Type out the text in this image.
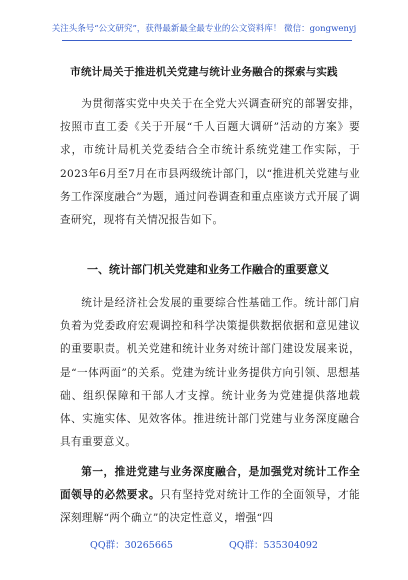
关注头条号“公文研究”，获得最新最全最专业的公文资料库！ 微信：gongwenyj
市统计局关于推进机关党建与统计业务融合的探索与实践

为贯彻落实党中央关于在全党大兴调查研究的部署安排，按照市直工委《关于开展“千人百题大调研”活动的方案》要求，市统计局机关党委结合全市统计系统党建工作实际，于2023年6月至7月在市县两级统计部门，以“推进机关党建与业务工作深度融合”为题，通过问卷调查和重点座谈方式开展了调查研究，现将有关情况报告如下。

一、统计部门机关党建和业务工作融合的重要意义

统计是经济社会发展的重要综合性基础工作。统计部门肩负着为党委政府宏观调控和科学决策提供数据依据和意见建议的重要职责。机关党建和统计业务对统计部门建设发展来说，是“一体两面”的关系。党建为统计业务提供方向引领、思想基础、组织保障和干部人才支撑。统计业务为党建提供落地载体、实施实体、见效客体。推进统计部门党建与业务深度融合具有重要意义。

第一，推进党建与业务深度融合，是加强党对统计工作全面领导的必然要求。只有坚持党对统计工作的全面领导，才能深刻理解“两个确立”的决定性意义，增强“四

QQ群：30265665	QQ群：535304092
